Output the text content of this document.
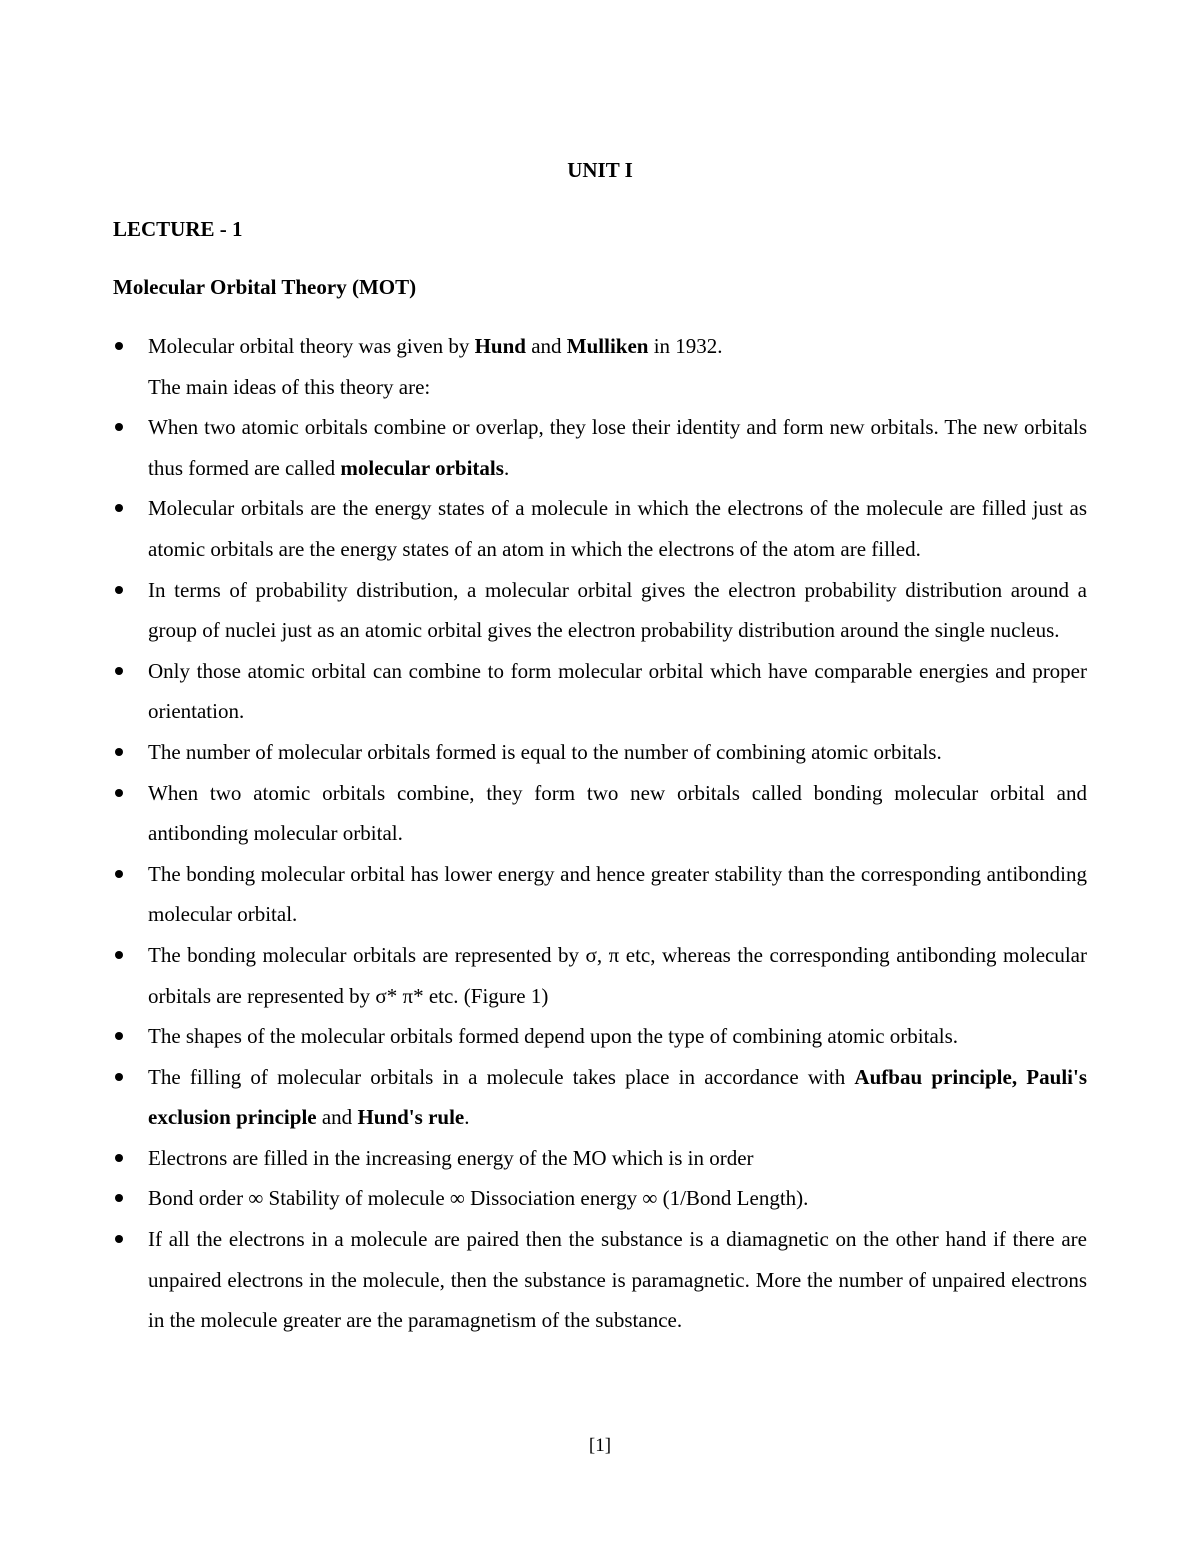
UNIT I
LECTURE - 1
Molecular Orbital Theory (MOT)
Molecular orbital theory was given by Hund and Mulliken in 1932.
The main ideas of this theory are:
When two atomic orbitals combine or overlap, they lose their identity and form new orbitals. The new orbitals thus formed are called molecular orbitals.
Molecular orbitals are the energy states of a molecule in which the electrons of the molecule are filled just as atomic orbitals are the energy states of an atom in which the electrons of the atom are filled.
In terms of probability distribution, a molecular orbital gives the electron probability distribution around a group of nuclei just as an atomic orbital gives the electron probability distribution around the single nucleus.
Only those atomic orbital can combine to form molecular orbital which have comparable energies and proper orientation.
The number of molecular orbitals formed is equal to the number of combining atomic orbitals.
When two atomic orbitals combine, they form two new orbitals called bonding molecular orbital and antibonding molecular orbital.
The bonding molecular orbital has lower energy and hence greater stability than the corresponding antibonding molecular orbital.
The bonding molecular orbitals are represented by σ, π etc, whereas the corresponding antibonding molecular orbitals are represented by σ* π* etc. (Figure 1)
The shapes of the molecular orbitals formed depend upon the type of combining atomic orbitals.
The filling of molecular orbitals in a molecule takes place in accordance with Aufbau principle, Pauli's exclusion principle and Hund's rule.
Electrons are filled in the increasing energy of the MO which is in order
Bond order ∞ Stability of molecule ∞ Dissociation energy ∞ (1/Bond Length).
If all the electrons in a molecule are paired then the substance is a diamagnetic on the other hand if there are unpaired electrons in the molecule, then the substance is paramagnetic. More the number of unpaired electrons in the molecule greater are the paramagnetism of the substance.
[1]
